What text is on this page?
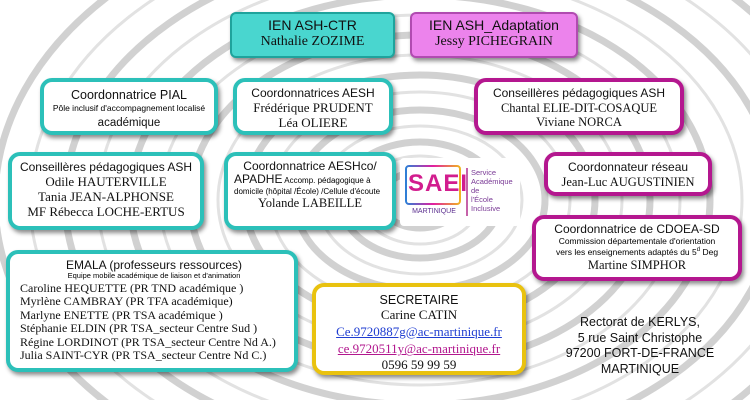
IEN ASH-CTR
Nathalie ZOZIME
IEN ASH_Adaptation
Jessy PICHEGRAIN
Coordonnatrice PIAL
Pôle inclusif d'accompagnement localisé
académique
Coordonnatrices AESH
Frédérique PRUDENT
Léa OLIERE
Conseillères pédagogiques ASH
Chantal ELIE-DIT-COSAQUE
Viviane NORCA
Conseillères pédagogiques ASH
Odile HAUTERVILLE
Tania JEAN-ALPHONSE
MF Rébecca LOCHE-ERTUS
Coordonnatrice AESHco/
APADHE Accomp. pédagogique à domicile (hôpital /École) /Cellule d'écoute
Yolande LABEILLE
SAEI
MARTINIQUE
Service
Académique de
l'École
Inclusive
Coordonnateur réseau
Jean-Luc AUGUSTINIEN
Coordonnatrice de CDOEA-SD
Commission départementale d'orientation
vers les enseignements adaptés du 5$^d$ Deg
Martine SIMPHOR
EMALA (professeurs ressources)
Equipe mobile académique de liaison et d'animation
Caroline HEQUETTE (PR TND académique )
Myrlène CAMBRAY (PR TFA académique)
Marlyne ENETTE (PR TSA académique )
Stéphanie ELDIN (PR TSA_secteur Centre Sud )
Régine LORDINOT (PR TSA_secteur Centre Nd A.)
Julia SAINT-CYR (PR TSA_secteur Centre Nd C.)
SECRETAIRE
Carine CATIN
Ce.9720887g@ac-martinique.fr
ce.9720511y@ac-martinique.fr
0596 59 99 59
Rectorat de KERLYS,
5 rue Saint Christophe
97200 FORT-DE-FRANCE
MARTINIQUE
